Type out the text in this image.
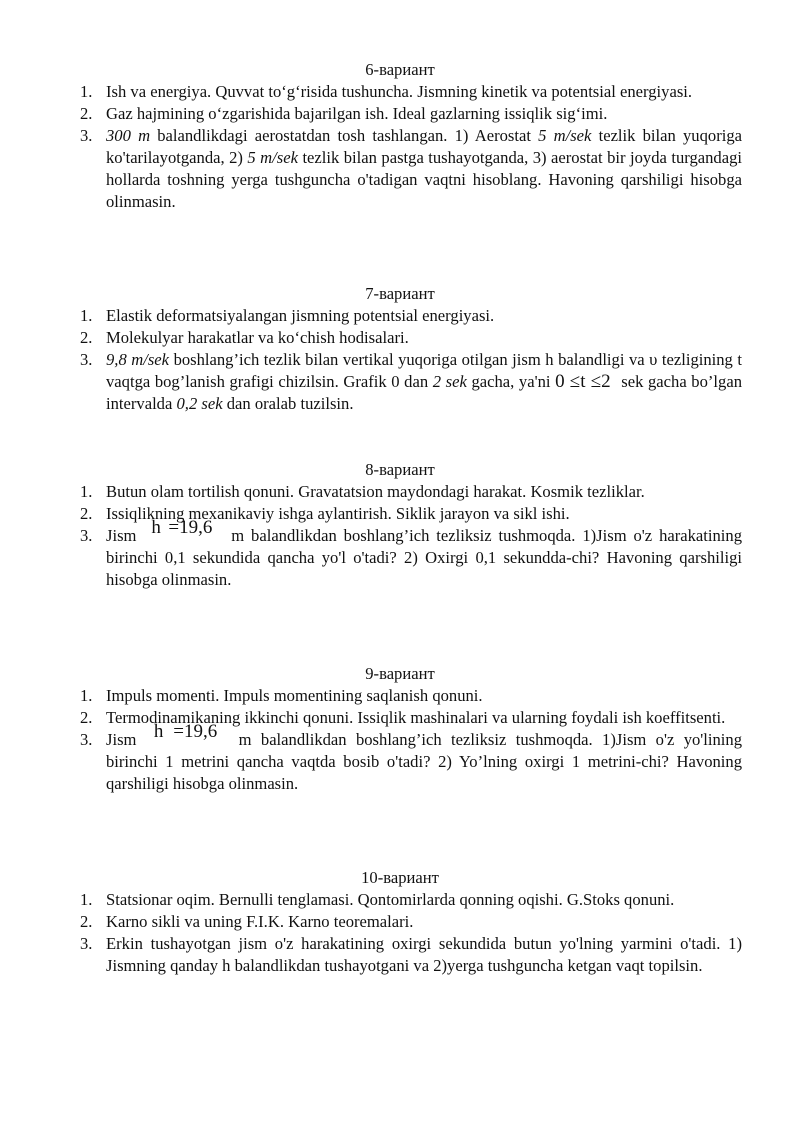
6-вариант
1. Ish va energiya. Quvvat to‘g‘risida tushuncha. Jismning kinetik va potentsial energiyasi.
2. Gaz hajmining o‘zgarishida bajarilgan ish. Ideal gazlarning issiqlik sig‘imi.
3. 300 m balandlikdagi aerostatdan tosh tashlangan. 1) Aerostat 5 m/sek tezlik bilan yuqoriga ko'tarilayotganda, 2) 5 m/sek tezlik bilan pastga tushayotganda, 3) aerostat bir joyda turgandagi hollarda toshning yerga tushguncha o'tadigan vaqtni hisoblang. Havoning qarshiligi hisobga olinmasin.
7-вариант
1. Elastik deformatsiyalangan jismning potentsial energiyasi.
2. Molekulyar harakatlar va ko‘chish hodisalari.
3. 9,8 m/sek boshlang’ich tezlik bilan vertikal yuqoriga otilgan jism h balandligi va υ tezligining t vaqtga bog’lanish grafigi chizilsin. Grafik 0 dan 2 sek gacha, ya'ni 0 ≤t ≤2 sek gacha bo’lgan intervalda 0,2 sek dan oralab tuzilsin.
8-вариант
1. Butun olam tortilish qonuni. Gravatatsion maydondagi harakat. Kosmik tezliklar.
2. Issiqlikning mexanikaviy ishga aylantirish. Siklik jarayon va sikl ishi.
3. Jism h =19,6 m balandlikdan boshlang’ich tezliksiz tushmoqda. 1)Jism o'z harakatining birinchi 0,1 sekundida qancha yo'l o'tadi? 2) Oxirgi 0,1 sekundda-chi? Havoning qarshiligi hisobga olinmasin.
9-вариант
1. Impuls momenti. Impuls momentining saqlanish qonuni.
2. Termodinamikaning ikkinchi qonuni. Issiqlik mashinalari va ularning foydali ish koeffitsenti.
3. Jism h =19,6 m balandlikdan boshlang’ich tezliksiz tushmoqda. 1)Jism o'z yo'lining birinchi 1 metrini qancha vaqtda bosib o'tadi? 2) Yo’lning oxirgi 1 metrini-chi? Havoning qarshiligi hisobga olinmasin.
10-вариант
1. Statsionar oqim. Bernulli tenglamasi. Qontomirlarda qonning oqishi. G.Stoks qonuni.
2. Karno sikli va uning F.I.K. Karno teoremalari.
3. Erkin tushayotgan jism o'z harakatining oxirgi sekundida butun yo'lning yarmini o'tadi. 1) Jismning qanday h balandlikdan tushayotgani va 2)yerga tushguncha ketgan vaqt topilsin.
